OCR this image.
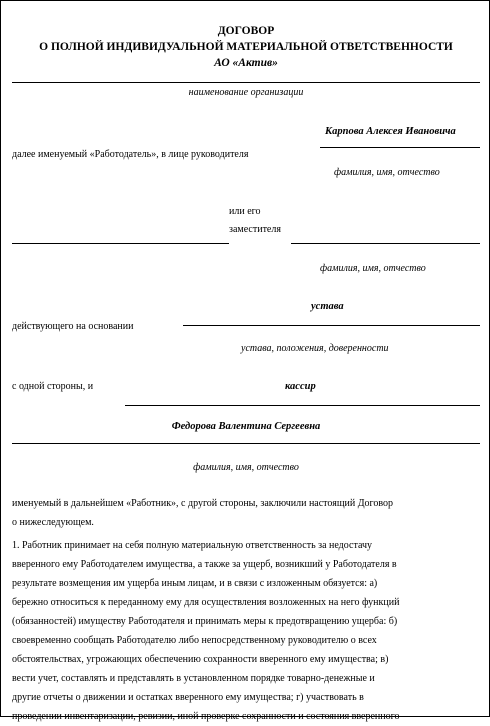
ДОГОВОР
О ПОЛНОЙ ИНДИВИДУАЛЬНОЙ МАТЕРИАЛЬНОЙ ОТВЕТСТВЕННОСТИ
АО «Актив»
наименование организации
Карпова Алексея Ивановича
далее именуемый «Работодатель», в лице руководителя
фамилия, имя, отчество
или его
заместителя
фамилия, имя, отчество
устава
действующего на основании
устава, положения, доверенности
с одной стороны, и	кассир
Федорова Валентина Сергеевна
фамилия, имя, отчество
именуемый в дальнейшем «Работник», с другой стороны, заключили настоящий Договор
о нижеследующем.
1. Работник принимает на себя полную материальную ответственность за недостачу
вверенного ему Работодателем имущества, а также за ущерб, возникший у Работодателя в
результате возмещения им ущерба иным лицам, и в связи с изложенным обязуется: а)
бережно относиться к переданному ему для осуществления возложенных на него функций
(обязанностей) имуществу Работодателя и принимать меры к предотвращению ущерба: б)
своевременно сообщать Работодателю либо непосредственному руководителю о всех
обстоятельствах, угрожающих обеспечению сохранности вверенного ему имущества; в)
вести учет, составлять и представлять в установленном порядке товарно-денежные и
другие отчеты о движении и остатках вверенного ему имущества; г) участвовать в
проведении инвентаризации, ревизии, иной проверке сохранности и состояния вверенного
